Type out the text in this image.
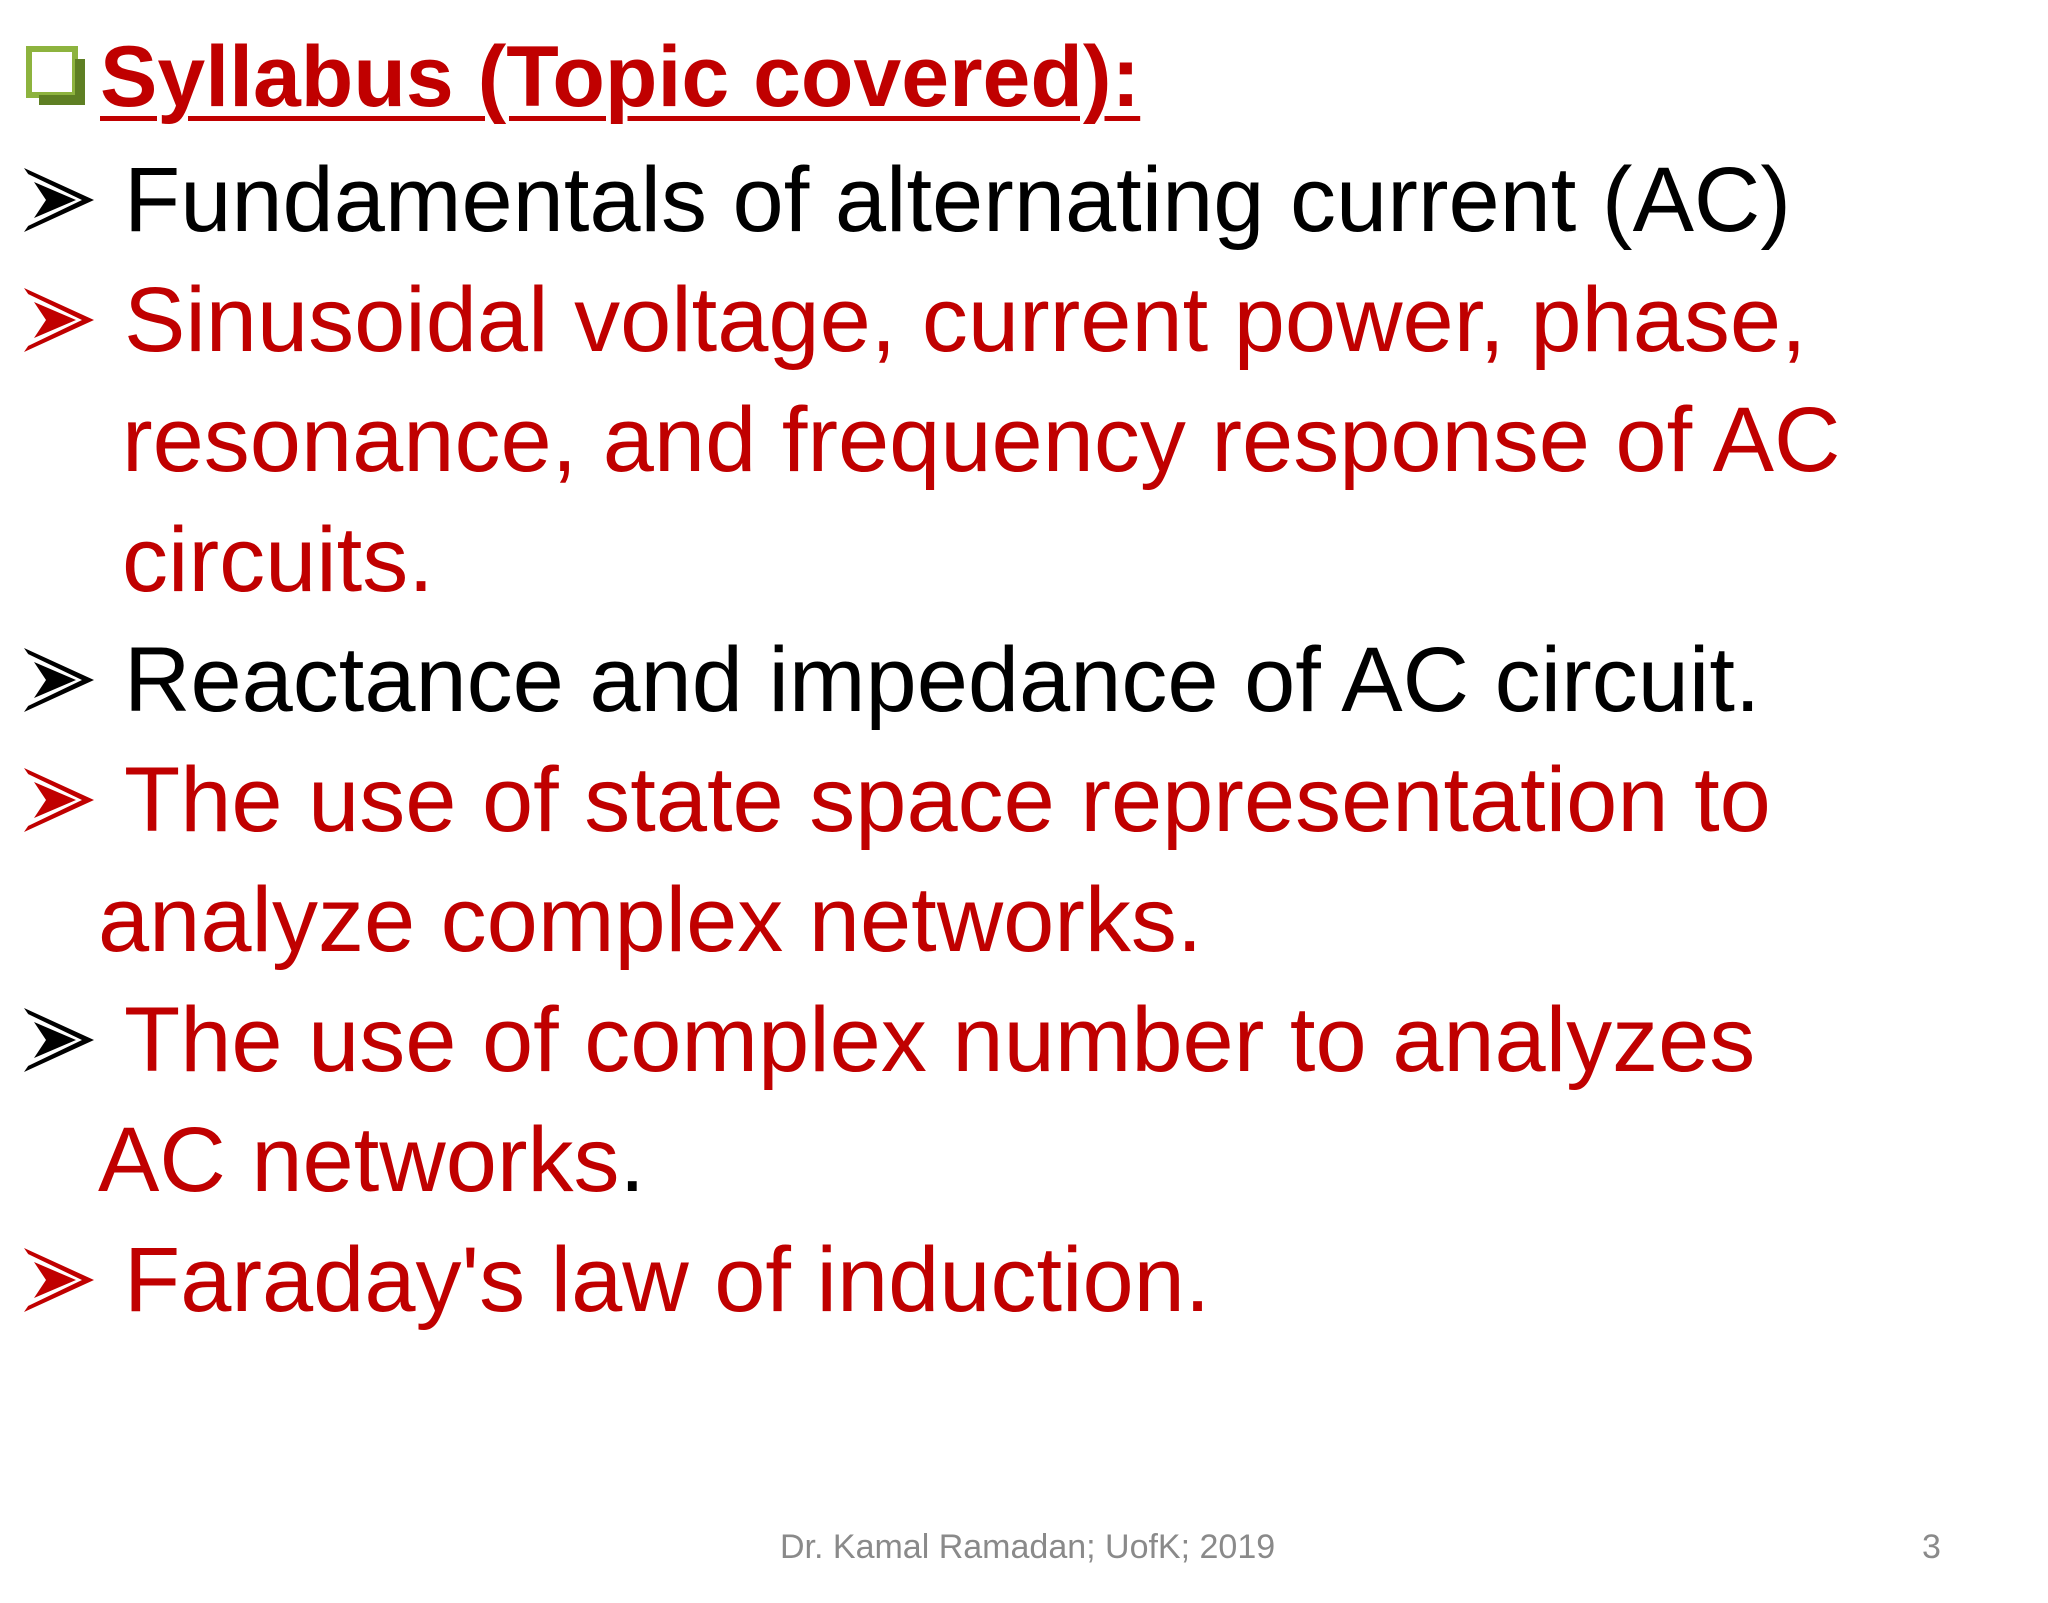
Syllabus (Topic covered):
Fundamentals of alternating current (AC)
Sinusoidal voltage, current power, phase,
resonance, and frequency response of AC
circuits.
Reactance and impedance of AC circuit.
The use of state space representation to
analyze complex networks.
The use of complex number to analyzes
AC networks .
Faraday's law of induction.
Dr. Kamal Ramadan; UofK; 2019	3
